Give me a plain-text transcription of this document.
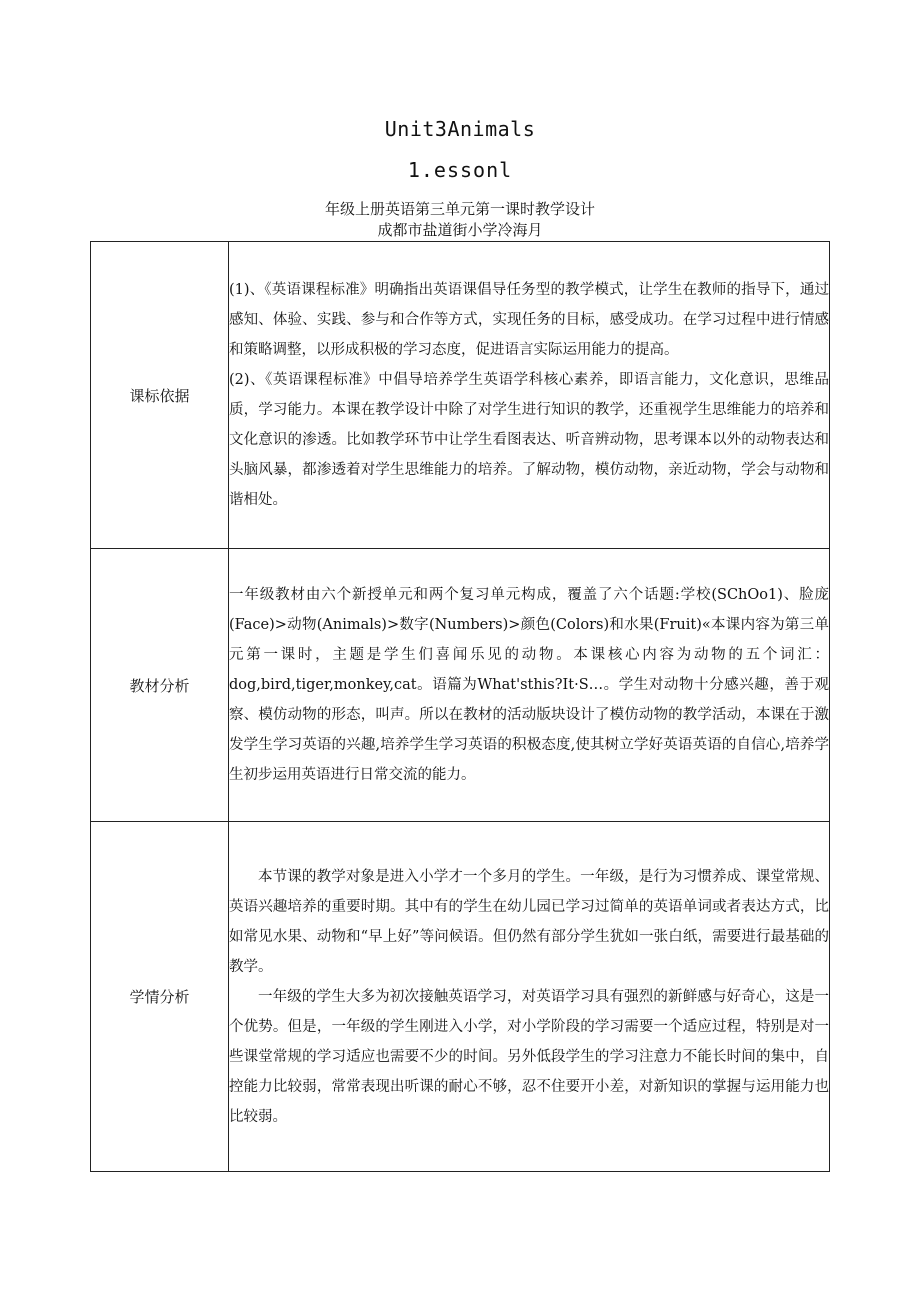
Unit3Animals
1.essonl
年级上册英语第三单元第一课时教学设计
成都市盐道街小学冷海月
课标依据	(1)、《英语课程标准》明确指出英语课倡导任务型的教学模式，让学生在教师的指导下，通过感知、体验、实践、参与和合作等方式，实现任务的目标，感受成功。在学习过程中进行情感和策略调整，以形成积极的学习态度，促进语言实际运用能力的提高。

(2)、《英语课程标准》中倡导培养学生英语学科核心素养，即语言能力，文化意识，思维品质，学习能力。本课在教学设计中除了对学生进行知识的教学，还重视学生思维能力的培养和文化意识的渗透。比如教学环节中让学生看图表达、听音辨动物，思考课本以外的动物表达和头脑风暴，都渗透着对学生思维能力的培养。了解动物，模仿动物，亲近动物，学会与动物和谐相处。

教材分析	一年级教材由六个新授单元和两个复习单元构成，覆盖了六个话题:学校(SChOo1)、脸庞(Face)>动物(Animals)>数字(Numbers)>颜色(Colors)和水果(Fruit)«本课内容为第三单元第一课时，主题是学生们喜闻乐见的动物。本课核心内容为动物的五个词汇：dog,bird,tiger,monkey,cat。语篇为What'sthis?It·S…。学生对动物十分感兴趣，善于观察、模仿动物的形态，叫声。所以在教材的活动版块设计了模仿动物的教学活动，本课在于激发学生学习英语的兴趣,培养学生学习英语的积极态度,使其树立学好英语英语的自信心,培养学生初步运用英语进行日常交流的能力。

学情分析	本节课的教学对象是进入小学才一个多月的学生。一年级，是行为习惯养成、课堂常规、英语兴趣培养的重要时期。其中有的学生在幼儿园已学习过简单的英语单词或者表达方式，比如常见水果、动物和“早上好”等问候语。但仍然有部分学生犹如一张白纸，需要进行最基础的教学。

一年级的学生大多为初次接触英语学习，对英语学习具有强烈的新鲜感与好奇心，这是一个优势。但是，一年级的学生刚进入小学，对小学阶段的学习需要一个适应过程，特别是对一些课堂常规的学习适应也需要不少的时间。另外低段学生的学习注意力不能长时间的集中，自控能力比较弱，常常表现出听课的耐心不够，忍不住要开小差，对新知识的掌握与运用能力也比较弱。
